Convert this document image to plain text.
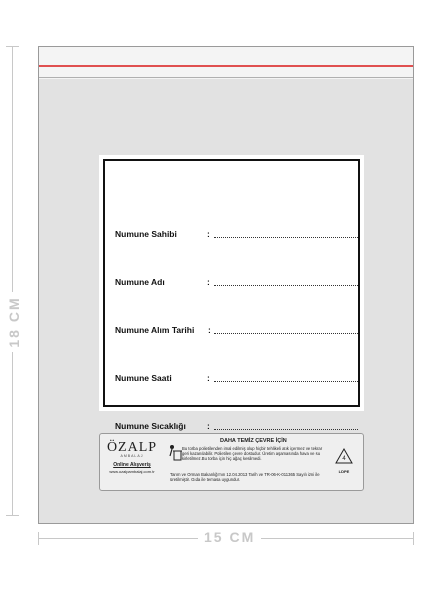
18 CM
Numune Sahibi	:
Numune Adı	:
Numune Alım Tarihi :
Numune Saati	:
Numune Sıcaklığı :
ÖZALP
AMBALAJ
Online Alışveriş
www.ozalpambalaj.com.tr
DAHA TEMİZ ÇEVRE İÇİN
Bu torba polietilenden imal edilmiş olup hiçbir tehlikeli atık içermez ve tekrar geri kazanılabilir. Polietilen çevre dostudur. Üretim aşamasında hava ve su kirletilmez.Bu torba için hiç ağaç kesilmedi.
Tarım ve Orman Bakanlığı'nın 12.04.2013 Tarih ve TR-06-K-011365 Sayılı izni ile üretilmiştir. Gıda ile temasa uygundur.
4
LDPE
15 CM
